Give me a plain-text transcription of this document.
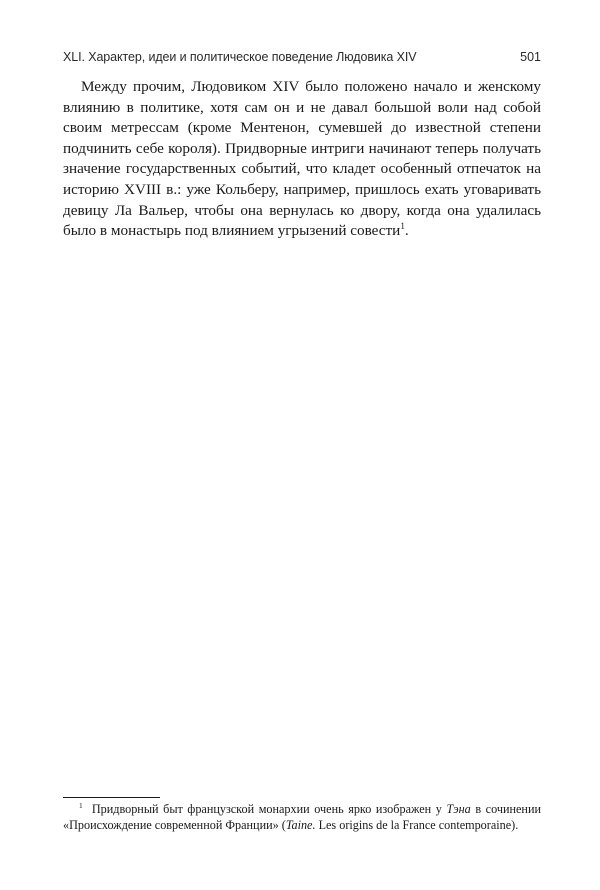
XLI. Характер, идеи и политическое поведение Людовика XIV	501

Между прочим, Людовиком XIV было положено начало и женскому влиянию в политике, хотя сам он и не давал большой воли над собой своим метрессам (кроме Ментенон, сумевшей до известной степени подчинить себе короля). Придворные интриги начинают теперь получать значение государственных событий, что кладет особенный отпечаток на историю XVIII в.: уже Кольберу, например, пришлось ехать уговаривать девицу Ла Вальер, чтобы она вернулась ко двору, когда она удалилась было в монастырь под влиянием угрызений совести$^1$.

$^1$ Придворный быт французской монархии очень ярко изображен у Тэна в сочинении «Происхождение современной Франции» (Taine. Les origins de la France contemporaine).
